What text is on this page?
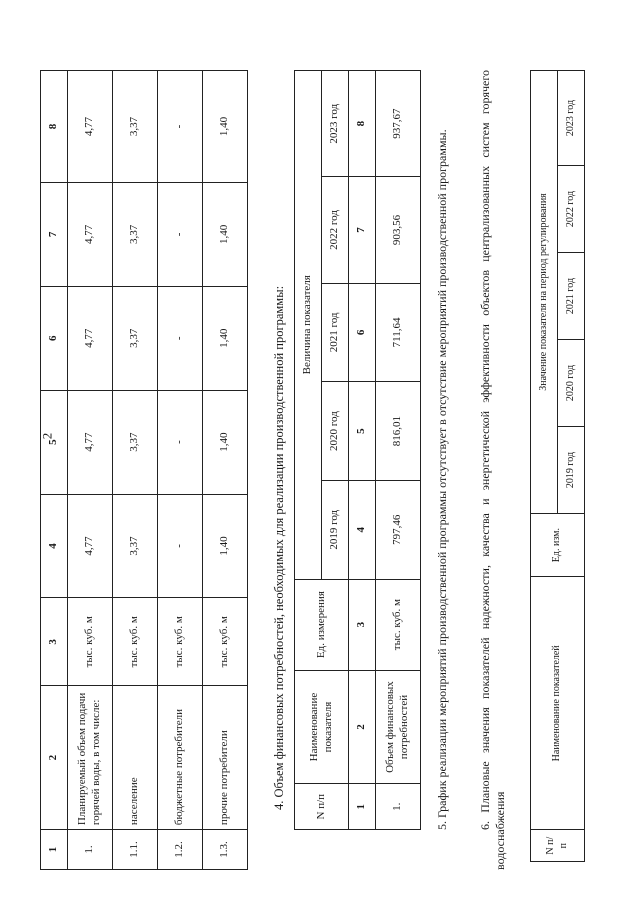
2
1	2	3	4	5	6	7	8
1.	Планируемый объем подачи горячей воды, в том числе:	тыс. куб. м	4,77	4,77	4,77	4,77	4,77
1.1.	население	тыс. куб. м	3,37	3,37	3,37	3,37	3,37
1.2.	бюджетные потребители	тыс. куб. м	-	-	-	-	-
1.3.	прочие потребители	тыс. куб. м	1,40	1,40	1,40	1,40	1,40

4. Объем финансовых потребностей, необходимых для реализации производственной программы:	N п/п	Наименование показателя	Ед. измерения	Величина показателя				
			2019 год	2020 год	2021 год	2022 год	2023 год
1	2	3	4	5	6	7	8
1.	Объем финансовых потребностей	тыс. куб. м	797,46	816,01	711,64	903,56	937,67

5. График реализации мероприятий производственной программы отсутствует в отсутствие мероприятий производственной программы. 6. Плановые значения показателей надежности, качества и энергетической эффективности объектов централизованных систем горячего водоснабжения	N п/п	Наименование показателей	Ед. изм.	Значение показателя на период регулирования				
			2019 год	2020 год	2021 год	2022 год	2023 год
